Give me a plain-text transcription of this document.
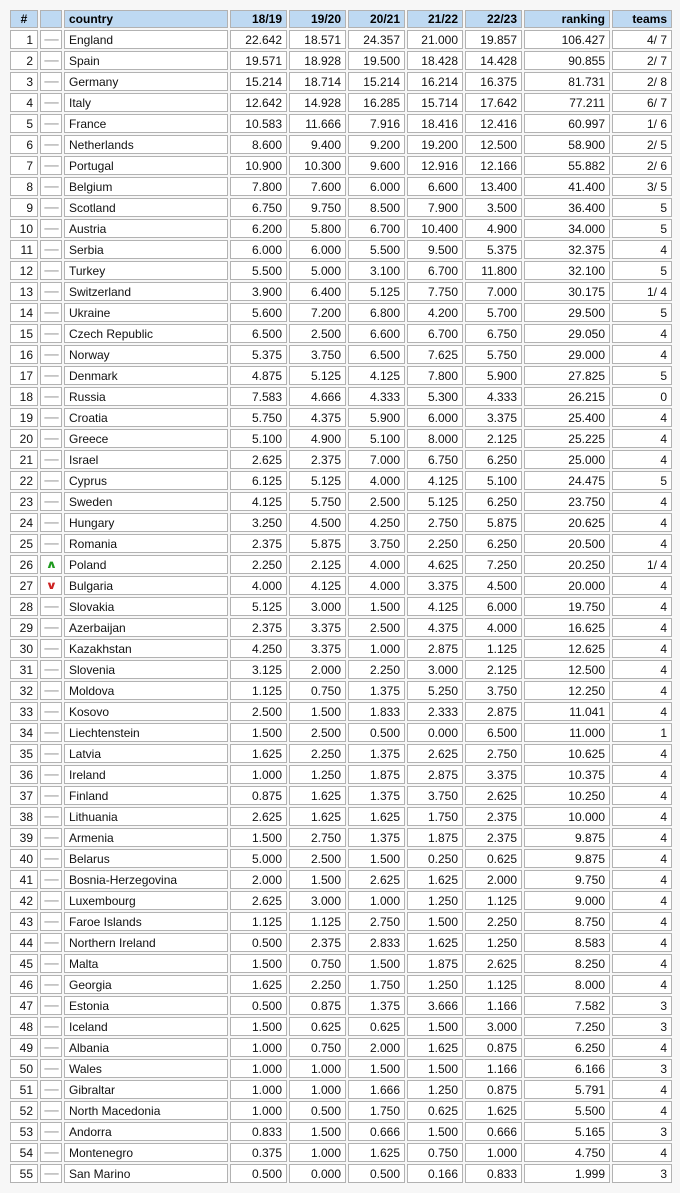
#		country	18/19	19/20	20/21	21/22	22/23	ranking	teams
1	—	England	22.642	18.571	24.357	21.000	19.857	106.427	4/ 7
2	—	Spain	19.571	18.928	19.500	18.428	14.428	90.855	2/ 7
3	—	Germany	15.214	18.714	15.214	16.214	16.375	81.731	2/ 8
4	—	Italy	12.642	14.928	16.285	15.714	17.642	77.211	6/ 7
5	—	France	10.583	11.666	7.916	18.416	12.416	60.997	1/ 6
6	—	Netherlands	8.600	9.400	9.200	19.200	12.500	58.900	2/ 5
7	—	Portugal	10.900	10.300	9.600	12.916	12.166	55.882	2/ 6
8	—	Belgium	7.800	7.600	6.000	6.600	13.400	41.400	3/ 5
9	—	Scotland	6.750	9.750	8.500	7.900	3.500	36.400	5
10	—	Austria	6.200	5.800	6.700	10.400	4.900	34.000	5
11	—	Serbia	6.000	6.000	5.500	9.500	5.375	32.375	4
12	—	Turkey	5.500	5.000	3.100	6.700	11.800	32.100	5
13	—	Switzerland	3.900	6.400	5.125	7.750	7.000	30.175	1/ 4
14	—	Ukraine	5.600	7.200	6.800	4.200	5.700	29.500	5
15	—	Czech Republic	6.500	2.500	6.600	6.700	6.750	29.050	4
16	—	Norway	5.375	3.750	6.500	7.625	5.750	29.000	4
17	—	Denmark	4.875	5.125	4.125	7.800	5.900	27.825	5
18	—	Russia	7.583	4.666	4.333	5.300	4.333	26.215	0
19	—	Croatia	5.750	4.375	5.900	6.000	3.375	25.400	4
20	—	Greece	5.100	4.900	5.100	8.000	2.125	25.225	4
21	—	Israel	2.625	2.375	7.000	6.750	6.250	25.000	4
22	—	Cyprus	6.125	5.125	4.000	4.125	5.100	24.475	5
23	—	Sweden	4.125	5.750	2.500	5.125	6.250	23.750	4
24	—	Hungary	3.250	4.500	4.250	2.750	5.875	20.625	4
25	—	Romania	2.375	5.875	3.750	2.250	6.250	20.500	4
26	∧	Poland	2.250	2.125	4.000	4.625	7.250	20.250	1/ 4
27	∨	Bulgaria	4.000	4.125	4.000	3.375	4.500	20.000	4
28	—	Slovakia	5.125	3.000	1.500	4.125	6.000	19.750	4
29	—	Azerbaijan	2.375	3.375	2.500	4.375	4.000	16.625	4
30	—	Kazakhstan	4.250	3.375	1.000	2.875	1.125	12.625	4
31	—	Slovenia	3.125	2.000	2.250	3.000	2.125	12.500	4
32	—	Moldova	1.125	0.750	1.375	5.250	3.750	12.250	4
33	—	Kosovo	2.500	1.500	1.833	2.333	2.875	11.041	4
34	—	Liechtenstein	1.500	2.500	0.500	0.000	6.500	11.000	1
35	—	Latvia	1.625	2.250	1.375	2.625	2.750	10.625	4
36	—	Ireland	1.000	1.250	1.875	2.875	3.375	10.375	4
37	—	Finland	0.875	1.625	1.375	3.750	2.625	10.250	4
38	—	Lithuania	2.625	1.625	1.625	1.750	2.375	10.000	4
39	—	Armenia	1.500	2.750	1.375	1.875	2.375	9.875	4
40	—	Belarus	5.000	2.500	1.500	0.250	0.625	9.875	4
41	—	Bosnia-Herzegovina	2.000	1.500	2.625	1.625	2.000	9.750	4
42	—	Luxembourg	2.625	3.000	1.000	1.250	1.125	9.000	4
43	—	Faroe Islands	1.125	1.125	2.750	1.500	2.250	8.750	4
44	—	Northern Ireland	0.500	2.375	2.833	1.625	1.250	8.583	4
45	—	Malta	1.500	0.750	1.500	1.875	2.625	8.250	4
46	—	Georgia	1.625	2.250	1.750	1.250	1.125	8.000	4
47	—	Estonia	0.500	0.875	1.375	3.666	1.166	7.582	3
48	—	Iceland	1.500	0.625	0.625	1.500	3.000	7.250	3
49	—	Albania	1.000	0.750	2.000	1.625	0.875	6.250	4
50	—	Wales	1.000	1.000	1.500	1.500	1.166	6.166	3
51	—	Gibraltar	1.000	1.000	1.666	1.250	0.875	5.791	4
52	—	North Macedonia	1.000	0.500	1.750	0.625	1.625	5.500	4
53	—	Andorra	0.833	1.500	0.666	1.500	0.666	5.165	3
54	—	Montenegro	0.375	1.000	1.625	0.750	1.000	4.750	4
55	—	San Marino	0.500	0.000	0.500	0.166	0.833	1.999	3
